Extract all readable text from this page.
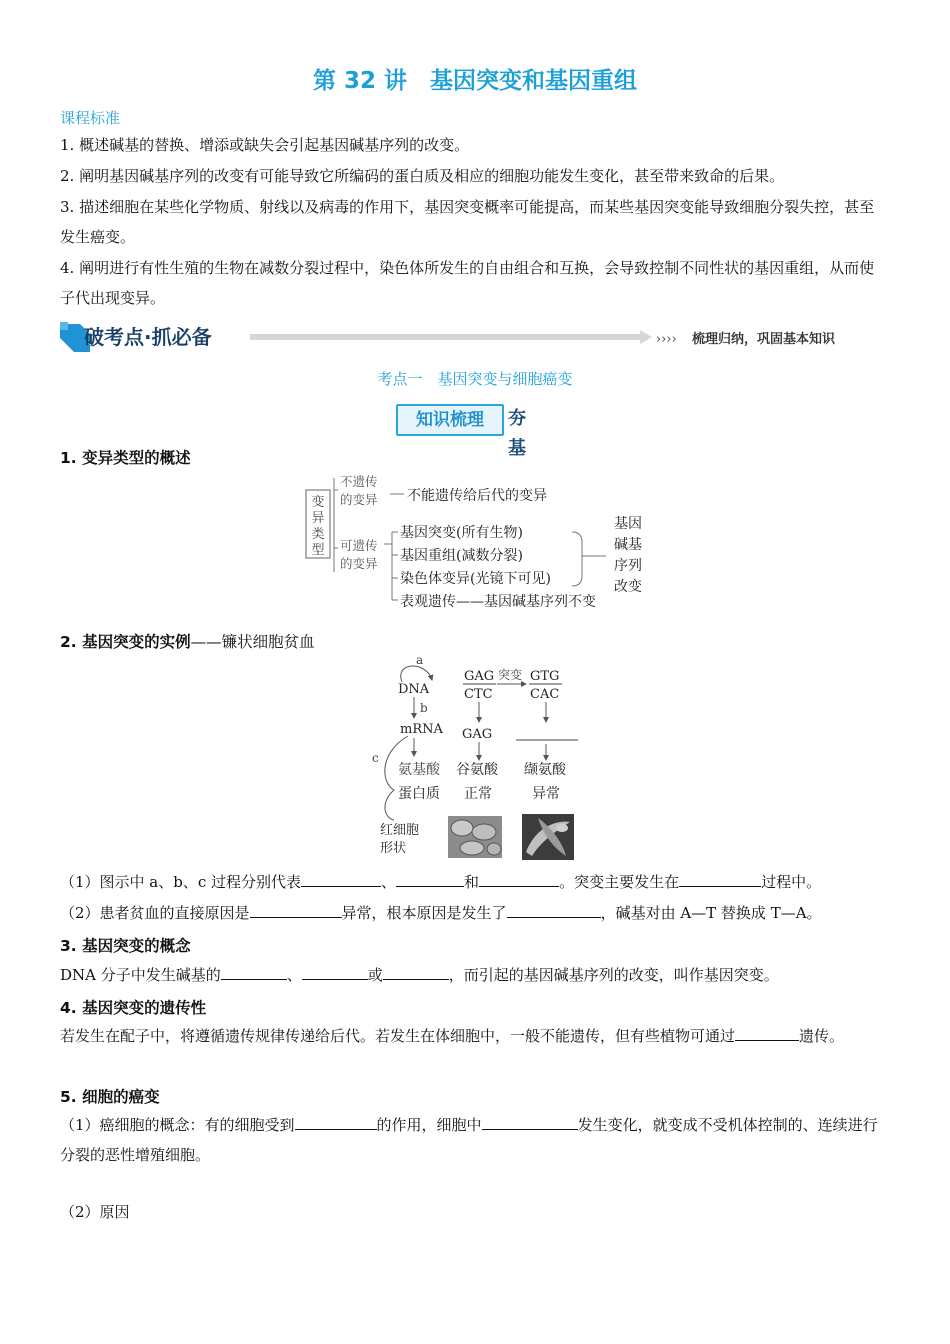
第 32 讲　基因突变和基因重组
课程标准
1. 概述碱基的替换、增添或缺失会引起基因碱基序列的改变。
2. 阐明基因碱基序列的改变有可能导致它所编码的蛋白质及相应的细胞功能发生变化，甚至带来致命的后果。
3. 描述细胞在某些化学物质、射线以及病毒的作用下，基因突变概率可能提高，而某些基因突变能导致细胞分裂失控，甚至发生癌变。
4. 阐明进行有性生殖的生物在减数分裂过程中，染色体所发生的自由组合和互换，会导致控制不同性状的基因重组，从而使子代出现变异。
破考点·抓必备	›››› 梳理归纳，巩固基本知识
考点一　基因突变与细胞癌变
知识梳理	夯基
1. 变异类型的概述
变异类型
不遗传的变异 不能遗传给后代的变异
可遗传的变异
基因突变(所有生物)
基因重组(减数分裂)
染色体变异(光镜下可见)
表观遗传——基因碱基序列不变
基因碱基序列改变
2. 基因突变的实例——镰状细胞贫血
a
DNA
b
mRNA
c
氨基酸
蛋白质
GAG
CTC
突变 GTG
CAC
GAG
谷氨酸 缬氨酸
正常	异常
红细胞形状
（1）图示中 a、b、c 过程分别代表	、	和	。突变主要发生在	过程中。
（2）患者贫血的直接原因是	异常，根本原因是发生了	，碱基对由 A—T 替换成 T—A。
3. 基因突变的概念
DNA 分子中发生碱基的	、	或	，而引起的基因碱基序列的改变，叫作基因突变。
4. 基因突变的遗传性
若发生在配子中，将遵循遗传规律传递给后代。若发生在体细胞中，一般不能遗传，但有些植物可通过	遗传。
5. 细胞的癌变
（1）癌细胞的概念：有的细胞受到	的作用，细胞中	发生变化，就变成不受机体控制的、连续进行分裂的恶性增殖细胞。
（2）原因
